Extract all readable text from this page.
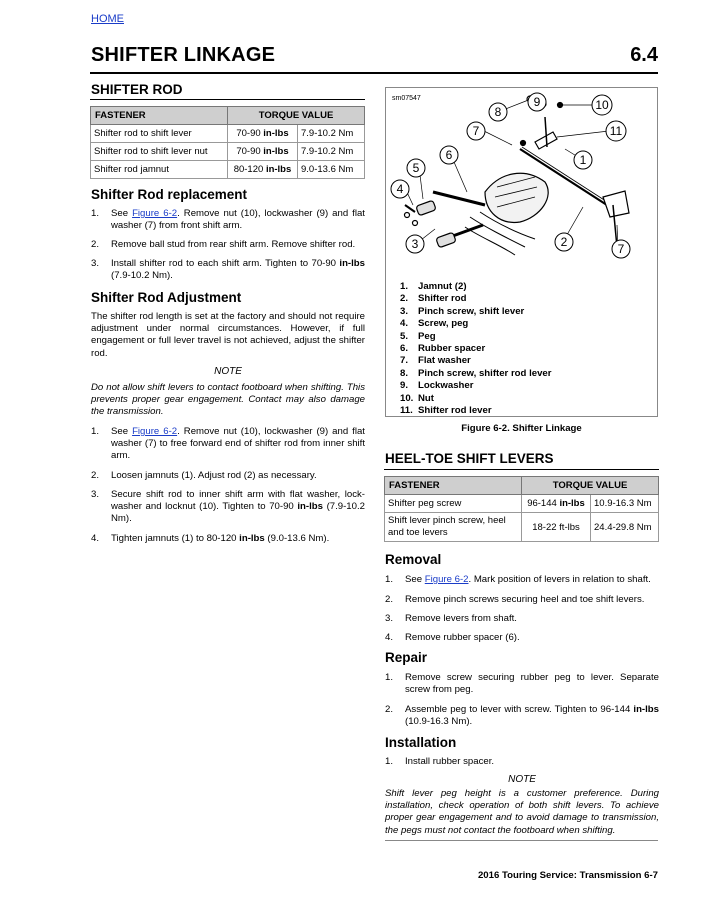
HOME
SHIFTER LINKAGE	6.4
SHIFTER ROD
FASTENER	TORQUE VALUE	
Shifter rod to shift lever	70-90 in-lbs	7.9-10.2 Nm
Shifter rod to shift lever nut	70-90 in-lbs	7.9-10.2 Nm
Shifter rod jamnut	80-120 in-lbs	9.0-13.6 Nm
Shifter Rod replacement
1. See Figure 6-2. Remove nut (10), lockwasher (9) and flat washer (7) from front shift arm.
2. Remove ball stud from rear shift arm. Remove shifter rod.
3. Install shifter rod to each shift arm. Tighten to 70-90 in-lbs (7.9-10.2 Nm).
Shifter Rod Adjustment
The shifter rod length is set at the factory and should not require adjustment under normal circumstances. However, if full engagement or full lever travel is not achieved, adjust the shifter rod.
NOTE
Do not allow shift levers to contact footboard when shifting. This prevents proper gear engagement. Contact may also damage the transmission.
1. See Figure 6-2. Remove nut (10), lockwasher (9) and flat washer (7) to free forward end of shifter rod from inner shift arm.
2. Loosen jamnuts (1). Adjust rod (2) as necessary.
3. Secure shift rod to inner shift arm with flat washer, lock-washer and locknut (10). Tighten to 70-90 in-lbs (7.9-10.2 Nm).
4. Tighten jamnuts (1) to 80-120 in-lbs (9.0-13.6 Nm).
sm07547
1
2
3
4
5
6
7
7
8
9	10
11
1. Jamnut (2)
2. Shifter rod
3. Pinch screw, shift lever
4. Screw, peg
5. Peg
6. Rubber spacer
7. Flat washer
8. Pinch screw, shifter rod lever
9. Lockwasher
10. Nut
11. Shifter rod lever
Figure 6-2. Shifter Linkage
HEEL-TOE SHIFT LEVERS
FASTENER	TORQUE VALUE	
Shifter peg screw	96-144 in-lbs	10.9-16.3 Nm
Shift lever pinch screw, heel and toe levers	18-22 ft-lbs	24.4-29.8 Nm
Removal
1. See Figure 6-2. Mark position of levers in relation to shaft.
2. Remove pinch screws securing heel and toe shift levers.
3. Remove levers from shaft.
4. Remove rubber spacer (6).
Repair
1. Remove screw securing rubber peg to lever. Separate screw from peg.
2. Assemble peg to lever with screw. Tighten to 96-144 in-lbs (10.9-16.3 Nm).
Installation
1. Install rubber spacer.
NOTE
Shift lever peg height is a customer preference. During installation, check operation of both shift levers. To achieve proper gear engagement and to avoid damage to transmission, the pegs must not contact the footboard when shifting.
2016 Touring Service: Transmission 6-7
